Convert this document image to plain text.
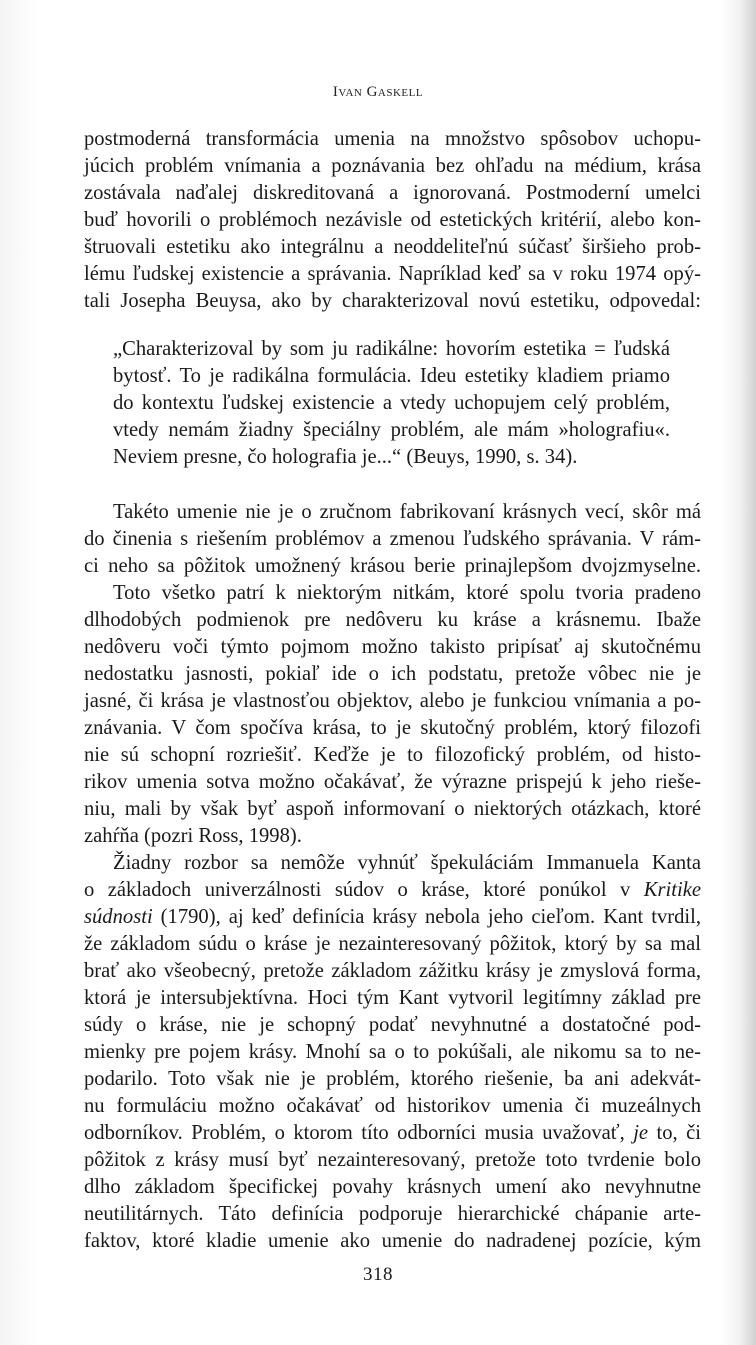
Ivan Gaskell
postmoderná transformácia umenia na množstvo spôsobov uchopu-
júcich problém vnímania a poznávania bez ohľadu na médium, krása
zostávala naďalej diskreditovaná a ignorovaná. Postmoderní umelci
buď hovorili o problémoch nezávisle od estetických kritérií, alebo kon-
štruovali estetiku ako integrálnu a neoddeliteľnú súčasť širšieho prob-
lému ľudskej existencie a správania. Napríklad keď sa v roku 1974 opý-
tali Josepha Beuysa, ako by charakterizoval novú estetiku, odpovedal:
„Charakterizoval by som ju radikálne: hovorím estetika = ľudská
bytosť. To je radikálna formulácia. Ideu estetiky kladiem priamo
do kontextu ľudskej existencie a vtedy uchopujem celý problém,
vtedy nemám žiadny špeciálny problém, ale mám »holografiu«.
Neviem presne, čo holografia je...“ (Beuys, 1990, s. 34).
Takéto umenie nie je o zručnom fabrikovaní krásnych vecí, skôr má
do činenia s riešením problémov a zmenou ľudského správania. V rám-
ci neho sa pôžitok umožnený krásou berie prinajlepšom dvojzmyselne.
Toto všetko patrí k niektorým nitkám, ktoré spolu tvoria pradeno
dlhodobých podmienok pre nedôveru ku kráse a krásnemu. Ibaže
nedôveru voči týmto pojmom možno takisto pripísať aj skutočnému
nedostatku jasnosti, pokiaľ ide o ich podstatu, pretože vôbec nie je
jasné, či krása je vlastnosťou objektov, alebo je funkciou vnímania a po-
znávania. V čom spočíva krása, to je skutočný problém, ktorý filozofi
nie sú schopní rozriešiť. Keďže je to filozofický problém, od histo-
rikov umenia sotva možno očakávať, že výrazne prispejú k jeho riešе-
niu, mali by však byť aspoň informovaní o niektorých otázkach, ktoré
zahŕňa (pozri Ross, 1998).
Žiadny rozbor sa nemôže vyhnúť špekuláciám Immanuela Kanta
o základoch univerzálnosti súdov o kráse, ktoré ponúkol v Kritike
súdnosti (1790), aj keď definícia krásy nebola jeho cieľom. Kant tvrdil,
že základom súdu o kráse je nezainteresovaný pôžitok, ktorý by sa mal
brať ako všeobecný, pretože základom zážitku krásy je zmyslová forma,
ktorá je intersubjektívna. Hoci tým Kant vytvoril legitímny základ pre
súdy o kráse, nie je schopný podať nevyhnutné a dostatočné pod-
mienky pre pojem krásy. Mnohí sa o to pokúšali, ale nikomu sa to ne-
podarilo. Toto však nie je problém, ktorého riešenie, ba ani adekvát-
nu formuláciu možno očakávať od historikov umenia či muzeálnych
odborníkov. Problém, o ktorom títo odborníci musia uvažovať, je to, či
pôžitok z krásy musí byť nezainteresovaný, pretože toto tvrdenie bolo
dlho základom špecifickej povahy krásnych umení ako nevyhnutne
neutilitárnych. Táto definícia podporuje hierarchické chápanie arte-
faktov, ktoré kladie umenie ako umenie do nadradenej pozície, kým
318
